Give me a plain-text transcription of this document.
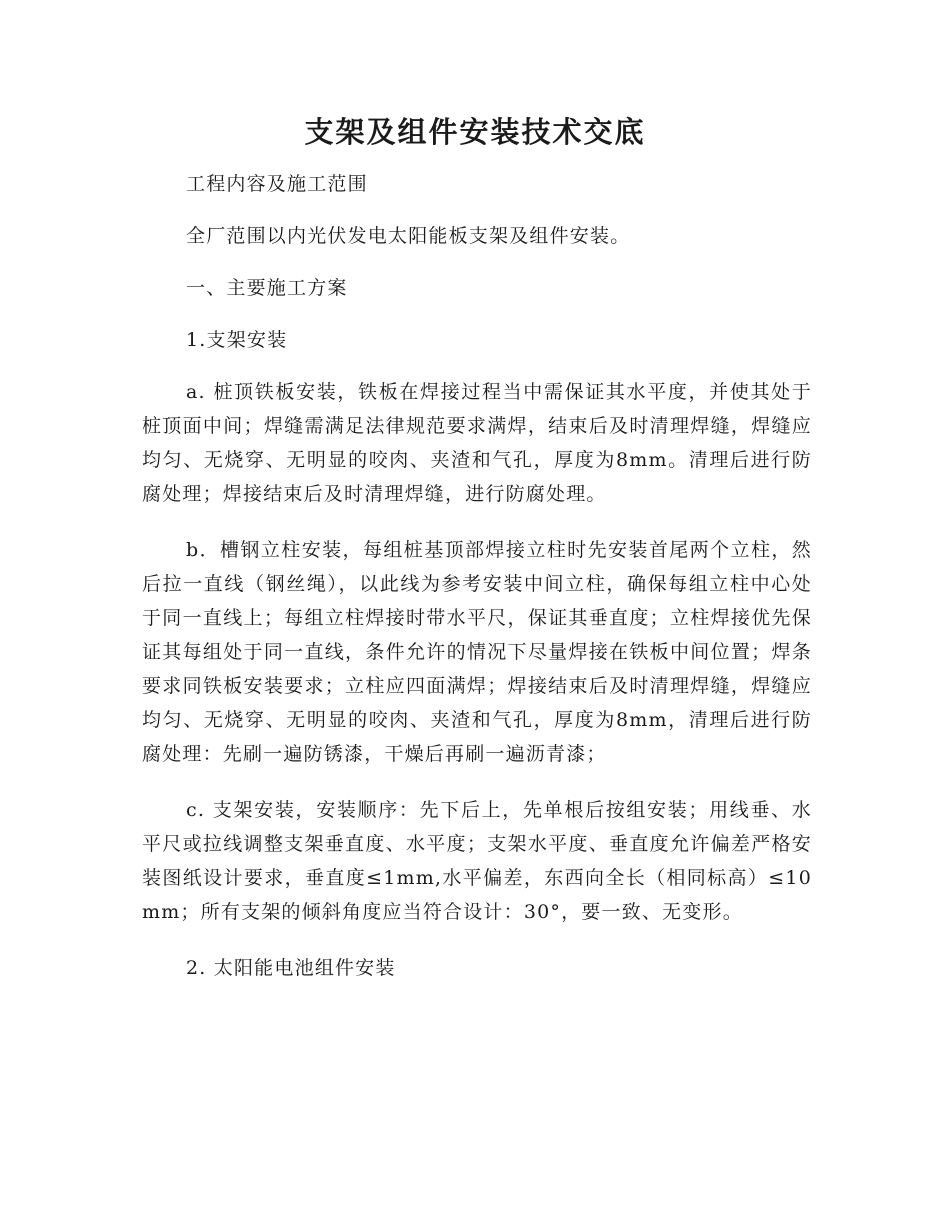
支架及组件安装技术交底

工程内容及施工范围

全厂范围以内光伏发电太阳能板支架及组件安装。

一、主要施工方案

1.支架安装

a. 桩顶铁板安装，铁板在焊接过程当中需保证其水平度，并使其处于桩顶面中间；焊缝需满足法律规范要求满焊，结束后及时清理焊缝，焊缝应均匀、无烧穿、无明显的咬肉、夹渣和气孔，厚度为8mm。清理后进行防腐处理；焊接结束后及时清理焊缝，进行防腐处理。

b．槽钢立柱安装，每组桩基顶部焊接立柱时先安装首尾两个立柱，然后拉一直线（钢丝绳），以此线为参考安装中间立柱，确保每组立柱中心处于同一直线上；每组立柱焊接时带水平尺，保证其垂直度；立柱焊接优先保证其每组处于同一直线，条件允许的情况下尽量焊接在铁板中间位置；焊条要求同铁板安装要求；立柱应四面满焊；焊接结束后及时清理焊缝，焊缝应均匀、无烧穿、无明显的咬肉、夹渣和气孔，厚度为8mm，清理后进行防腐处理：先刷一遍防锈漆，干燥后再刷一遍沥青漆；

c. 支架安装，安装顺序：先下后上，先单根后按组安装；用线垂、水平尺或拉线调整支架垂直度、水平度；支架水平度、垂直度允许偏差严格安装图纸设计要求，垂直度≤1mm,水平偏差，东西向全长（相同标高）≤10mm；所有支架的倾斜角度应当符合设计：30°，要一致、无变形。

2. 太阳能电池组件安装
